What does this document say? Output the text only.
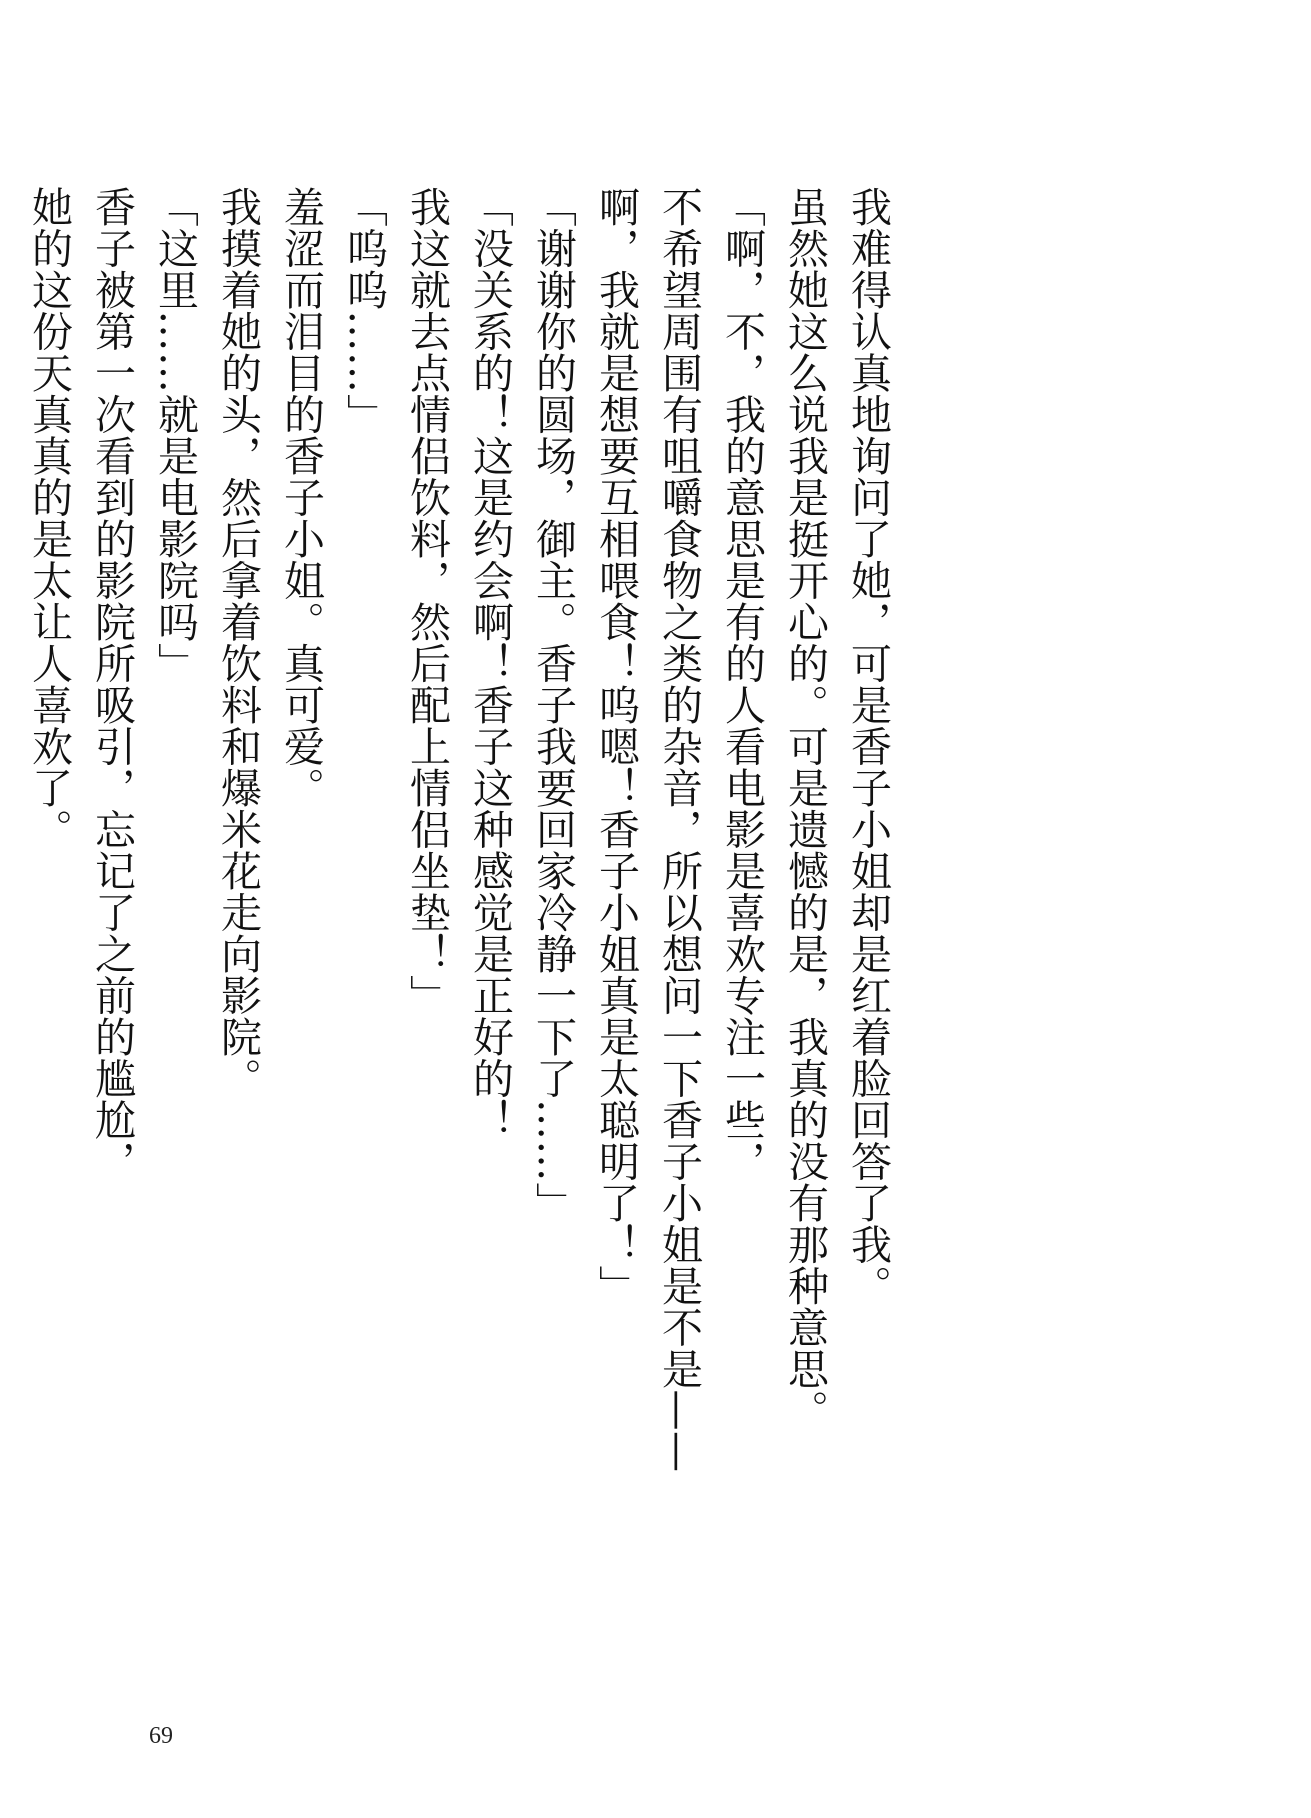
我难得认真地询问了她，可是香子小姐却是红着脸回答了我。
虽然她这么说我是挺开心的。可是遗憾的是，我真的没有那种意思。
「啊，不，我的意思是有的人看电影是喜欢专注一些，
不希望周围有咀嚼食物之类的杂音，所以想问一下香子小姐是不是——
啊，我就是想要互相喂食！呜嗯！香子小姐真是太聪明了！」
「谢谢你的圆场，御主。香子我要回家冷静一下了……」
「没关系的！这是约会啊！香子这种感觉是正好的！
我这就去点情侣饮料，然后配上情侣坐垫！」
「呜呜……」
羞涩而泪目的香子小姐。真可爱。
我摸着她的头，然后拿着饮料和爆米花走向影院。
「这里……就是电影院吗」
香子被第一次看到的影院所吸引，忘记了之前的尴尬，
她的这份天真真的是太让人喜欢了。
69
